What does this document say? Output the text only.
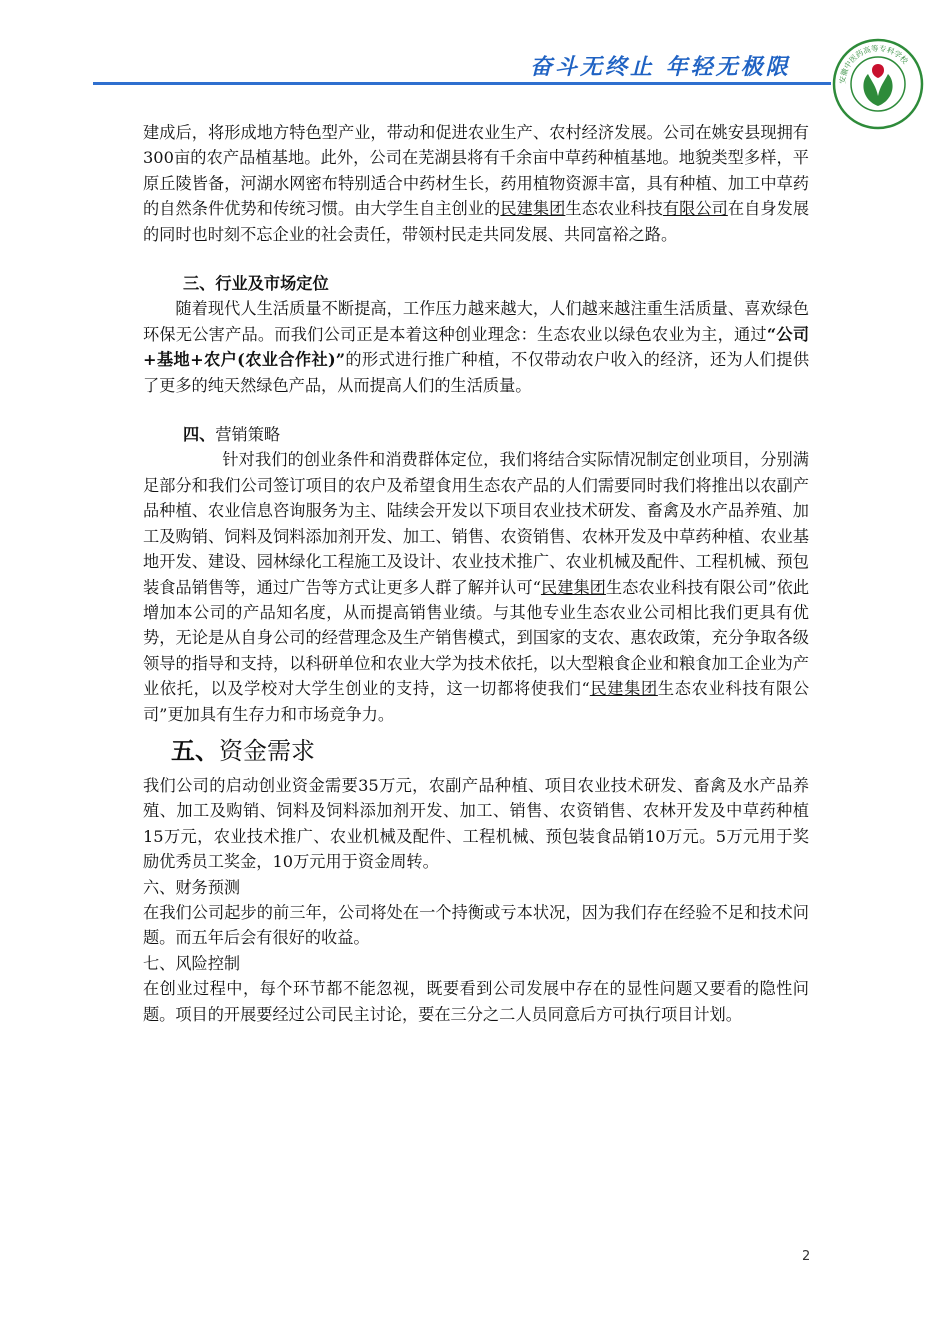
奋斗无终止 年轻无极限
安徽中医药高等专科学校

建成后，将形成地方特色型产业，带动和促进农业生产、农村经济发展。公司在姚安县现拥有300亩的农产品植基地。此外，公司在芜湖县将有千余亩中草药种植基地。地貌类型多样，平原丘陵皆备，河湖水网密布特别适合中药材生长，药用植物资源丰富，具有种植、加工中草药的自然条件优势和传统习惯。由大学生自主创业的民建集团生态农业科技有限公司在自身发展的同时也时刻不忘企业的社会责任，带领村民走共同发展、共同富裕之路。

三、行业及市场定位

随着现代人生活质量不断提高，工作压力越来越大，人们越来越注重生活质量、喜欢绿色环保无公害产品。而我们公司正是本着这种创业理念：生态农业以绿色农业为主，通过“公司+基地+农户(农业合作社)”的形式进行推广种植，不仅带动农户收入的经济，还为人们提供了更多的纯天然绿色产品，从而提高人们的生活质量。

四、营销策略

针对我们的创业条件和消费群体定位，我们将结合实际情况制定创业项目，分别满足部分和我们公司签订项目的农户及希望食用生态农产品的人们需要同时我们将推出以农副产品种植、农业信息咨询服务为主、陆续会开发以下项目农业技术研发、畜禽及水产品养殖、加工及购销、饲料及饲料添加剂开发、加工、销售、农资销售、农林开发及中草药种植、农业基地开发、建设、园林绿化工程施工及设计、农业技术推广、农业机械及配件、工程机械、预包装食品销售等，通过广告等方式让更多人群了解并认可“民建集团生态农业科技有限公司”依此增加本公司的产品知名度，从而提高销售业绩。与其他专业生态农业公司相比我们更具有优势，无论是从自身公司的经营理念及生产销售模式，到国家的支农、惠农政策，充分争取各级领导的指导和支持，以科研单位和农业大学为技术依托，以大型粮食企业和粮食加工企业为产业依托，以及学校对大学生创业的支持，这一切都将使我们“民建集团生态农业科技有限公司”更加具有生存力和市场竞争力。

五、资金需求

我们公司的启动创业资金需要35万元，农副产品种植、项目农业技术研发、畜禽及水产品养殖、加工及购销、饲料及饲料添加剂开发、加工、销售、农资销售、农林开发及中草药种植15万元，农业技术推广、农业机械及配件、工程机械、预包装食品销10万元。5万元用于奖励优秀员工奖金，10万元用于资金周转。

六、财务预测

在我们公司起步的前三年，公司将处在一个持衡或亏本状况，因为我们存在经验不足和技术问题。而五年后会有很好的收益。

七、风险控制

在创业过程中，每个环节都不能忽视，既要看到公司发展中存在的显性问题又要看的隐性问题。项目的开展要经过公司民主讨论，要在三分之二人员同意后方可执行项目计划。

2
